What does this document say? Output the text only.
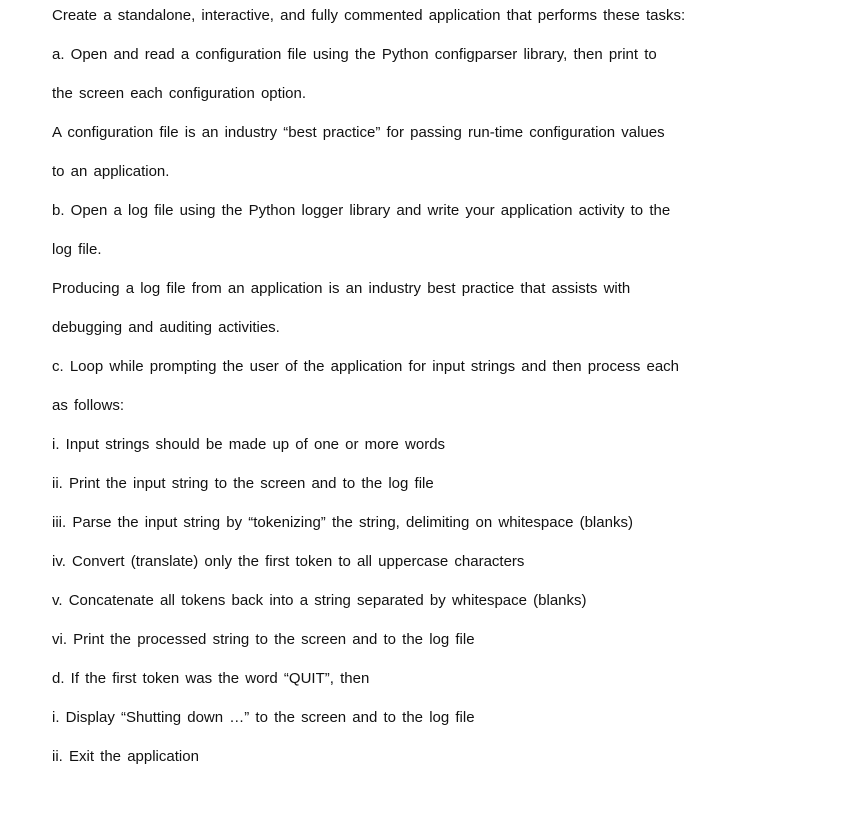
Create a standalone, interactive, and fully commented application that performs these tasks:
a. Open and read a configuration file using the Python configparser library, then print to
the screen each configuration option.
A configuration file is an industry “best practice” for passing run-time configuration values
to an application.
b. Open a log file using the Python logger library and write your application activity to the
log file.
Producing a log file from an application is an industry best practice that assists with
debugging and auditing activities.
c. Loop while prompting the user of the application for input strings and then process each
as follows:
i. Input strings should be made up of one or more words
ii. Print the input string to the screen and to the log file
iii. Parse the input string by “tokenizing” the string, delimiting on whitespace (blanks)
iv. Convert (translate) only the first token to all uppercase characters
v. Concatenate all tokens back into a string separated by whitespace (blanks)
vi. Print the processed string to the screen and to the log file
d. If the first token was the word “QUIT”, then
i. Display “Shutting down …” to the screen and to the log file
ii. Exit the application
